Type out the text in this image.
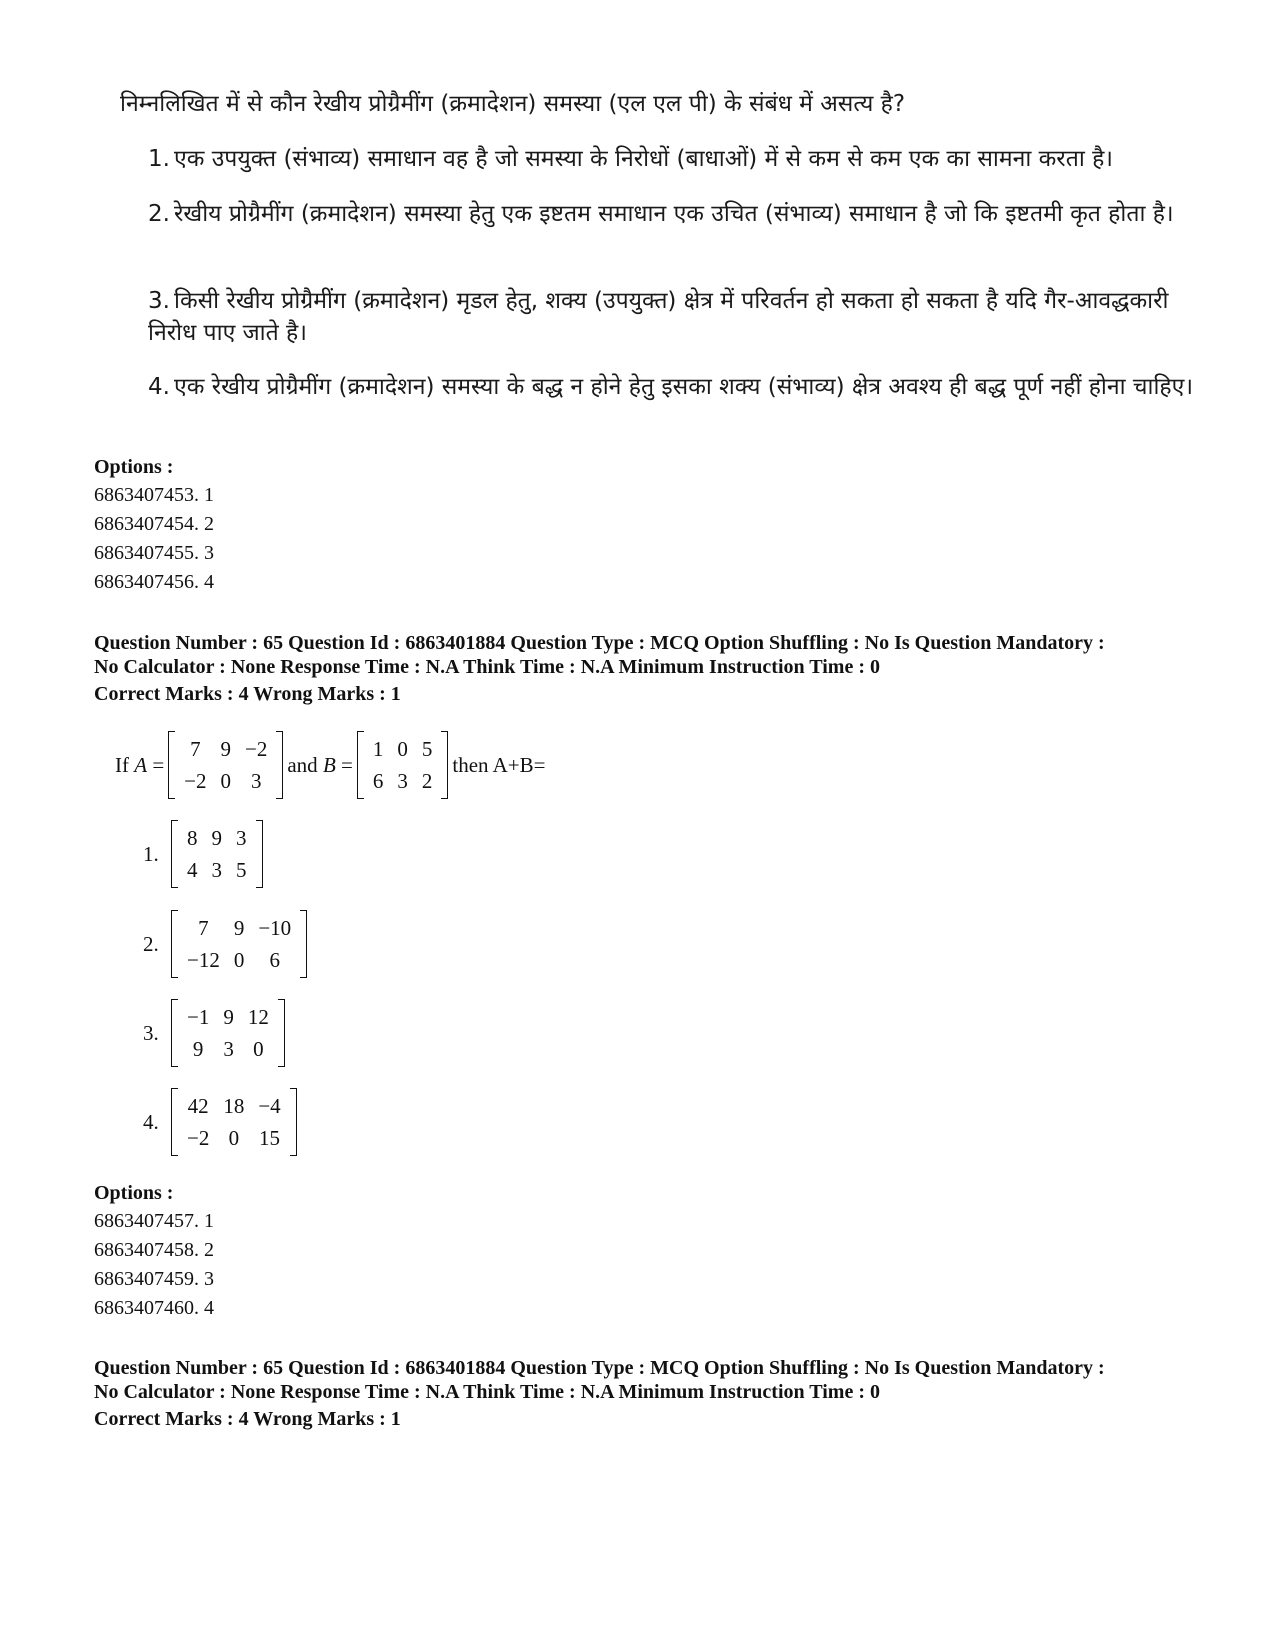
निम्नलिखित में से कौन रेखीय प्रोग्रैमींग (क्रमादेशन) समस्या (एल एल पी) के संबंध में असत्य है?
1. एक उपयुक्त (संभाव्य) समाधान वह है जो समस्या के निरोधों (बाधाओं) में से कम से कम एक का सामना करता है।
2. रेखीय प्रोग्रैमींग (क्रमादेशन) समस्या हेतु एक इष्टतम समाधान एक उचित (संभाव्य) समाधान है जो कि इष्टतमी कृत होता है।
3. किसी रेखीय प्रोग्रैमींग (क्रमादेशन) मृडल हेतु, शक्य (उपयुक्त) क्षेत्र में परिवर्तन हो सकता हो सकता है यदि गैर-आवद्धकारी निरोध पाए जाते है।
4. एक रेखीय प्रोग्रैमींग (क्रमादेशन) समस्या के बद्ध न होने हेतु इसका शक्य (संभाव्य) क्षेत्र अवश्य ही बद्ध पूर्ण नहीं होना चाहिए।
Options :
6863407453. 1
6863407454. 2
6863407455. 3
6863407456. 4
Question Number : 65 Question Id : 6863401884 Question Type : MCQ Option Shuffling : No Is Question Mandatory :
No Calculator : None Response Time : N.A Think Time : N.A Minimum Instruction Time : 0
Correct Marks : 4 Wrong Marks : 1
If A =
7	9	−2
−2	0	3
and B =
1	0	5
6	3	2
then A+B=
1.
8	9	3
4	3	5
2.
7	9	−10
−12	0	6
3.
−1	9	12
9	3	0
4.
42	18	−4
−2	0	15
Options :
6863407457. 1
6863407458. 2
6863407459. 3
6863407460. 4
Question Number : 65 Question Id : 6863401884 Question Type : MCQ Option Shuffling : No Is Question Mandatory :
No Calculator : None Response Time : N.A Think Time : N.A Minimum Instruction Time : 0
Correct Marks : 4 Wrong Marks : 1
